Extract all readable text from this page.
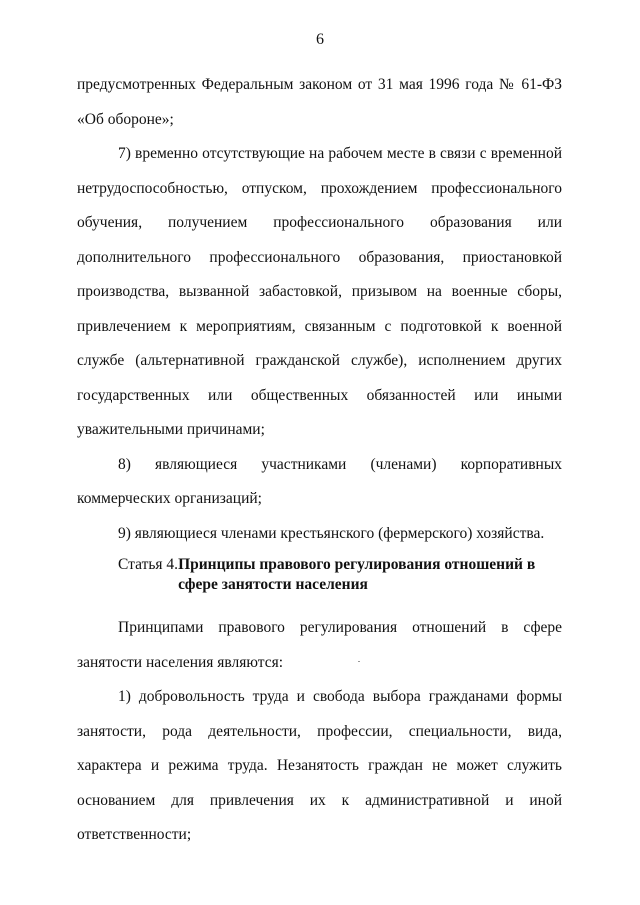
6

предусмотренных Федеральным законом от 31 мая 1996 года № 61-ФЗ «Об обороне»;

7) временно отсутствующие на рабочем месте в связи с временной нетрудоспособностью, отпуском, прохождением профессионального обучения, получением профессионального образования или дополнительного профессионального образования, приостановкой производства, вызванной забастовкой, призывом на военные сборы, привлечением к мероприятиям, связанным с подготовкой к военной службе (альтернативной гражданской службе), исполнением других государственных или общественных обязанностей или иными уважительными причинами;

8) являющиеся участниками (членами) корпоративных коммерческих организаций;

9) являющиеся членами крестьянского (фермерского) хозяйства.

Статья 4. Принципы правового регулирования отношений в сфере занятости населения

Принципами правового регулирования отношений в сфере занятости населения являются:

1) добровольность труда и свобода выбора гражданами формы занятости, рода деятельности, профессии, специальности, вида, характера и режима труда. Незанятость граждан не может служить основанием для привлечения их к административной и иной ответственности;
